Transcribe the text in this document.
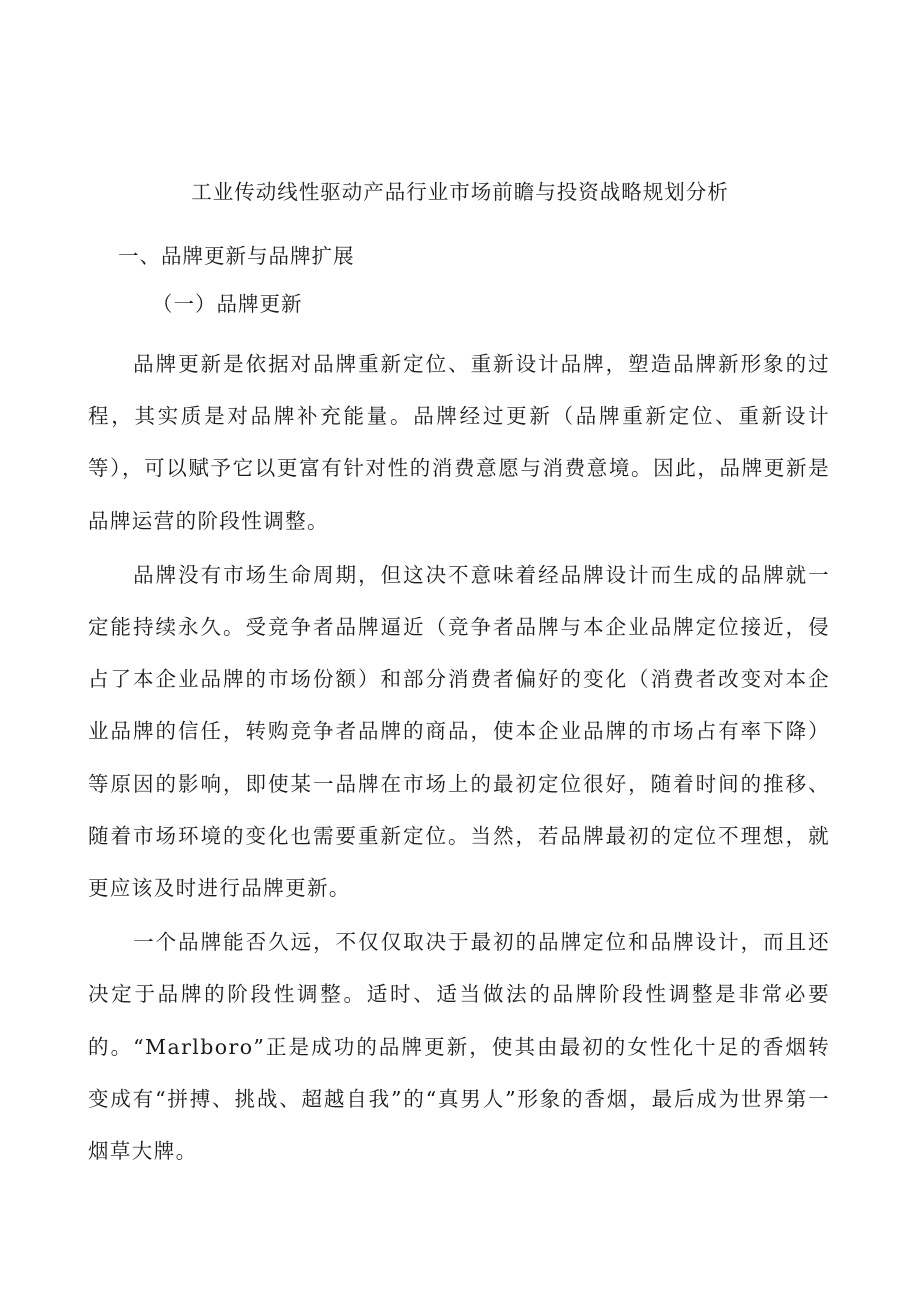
工业传动线性驱动产品行业市场前瞻与投资战略规划分析
一、品牌更新与品牌扩展
（一）品牌更新

品牌更新是依据对品牌重新定位、重新设计品牌，塑造品牌新形象的过程，其实质是对品牌补充能量。品牌经过更新（品牌重新定位、重新设计等），可以赋予它以更富有针对性的消费意愿与消费意境。因此，品牌更新是品牌运营的阶段性调整。

品牌没有市场生命周期，但这决不意味着经品牌设计而生成的品牌就一定能持续永久。受竞争者品牌逼近（竞争者品牌与本企业品牌定位接近，侵占了本企业品牌的市场份额）和部分消费者偏好的变化（消费者改变对本企业品牌的信任，转购竞争者品牌的商品，使本企业品牌的市场占有率下降）等原因的影响，即使某一品牌在市场上的最初定位很好，随着时间的推移、随着市场环境的变化也需要重新定位。当然，若品牌最初的定位不理想，就更应该及时进行品牌更新。

一个品牌能否久远，不仅仅取决于最初的品牌定位和品牌设计，而且还决定于品牌的阶段性调整。适时、适当做法的品牌阶段性调整是非常必要的。“Marlboro”正是成功的品牌更新，使其由最初的女性化十足的香烟转变成有“拼搏、挑战、超越自我”的“真男人”形象的香烟，最后成为世界第一烟草大牌。
